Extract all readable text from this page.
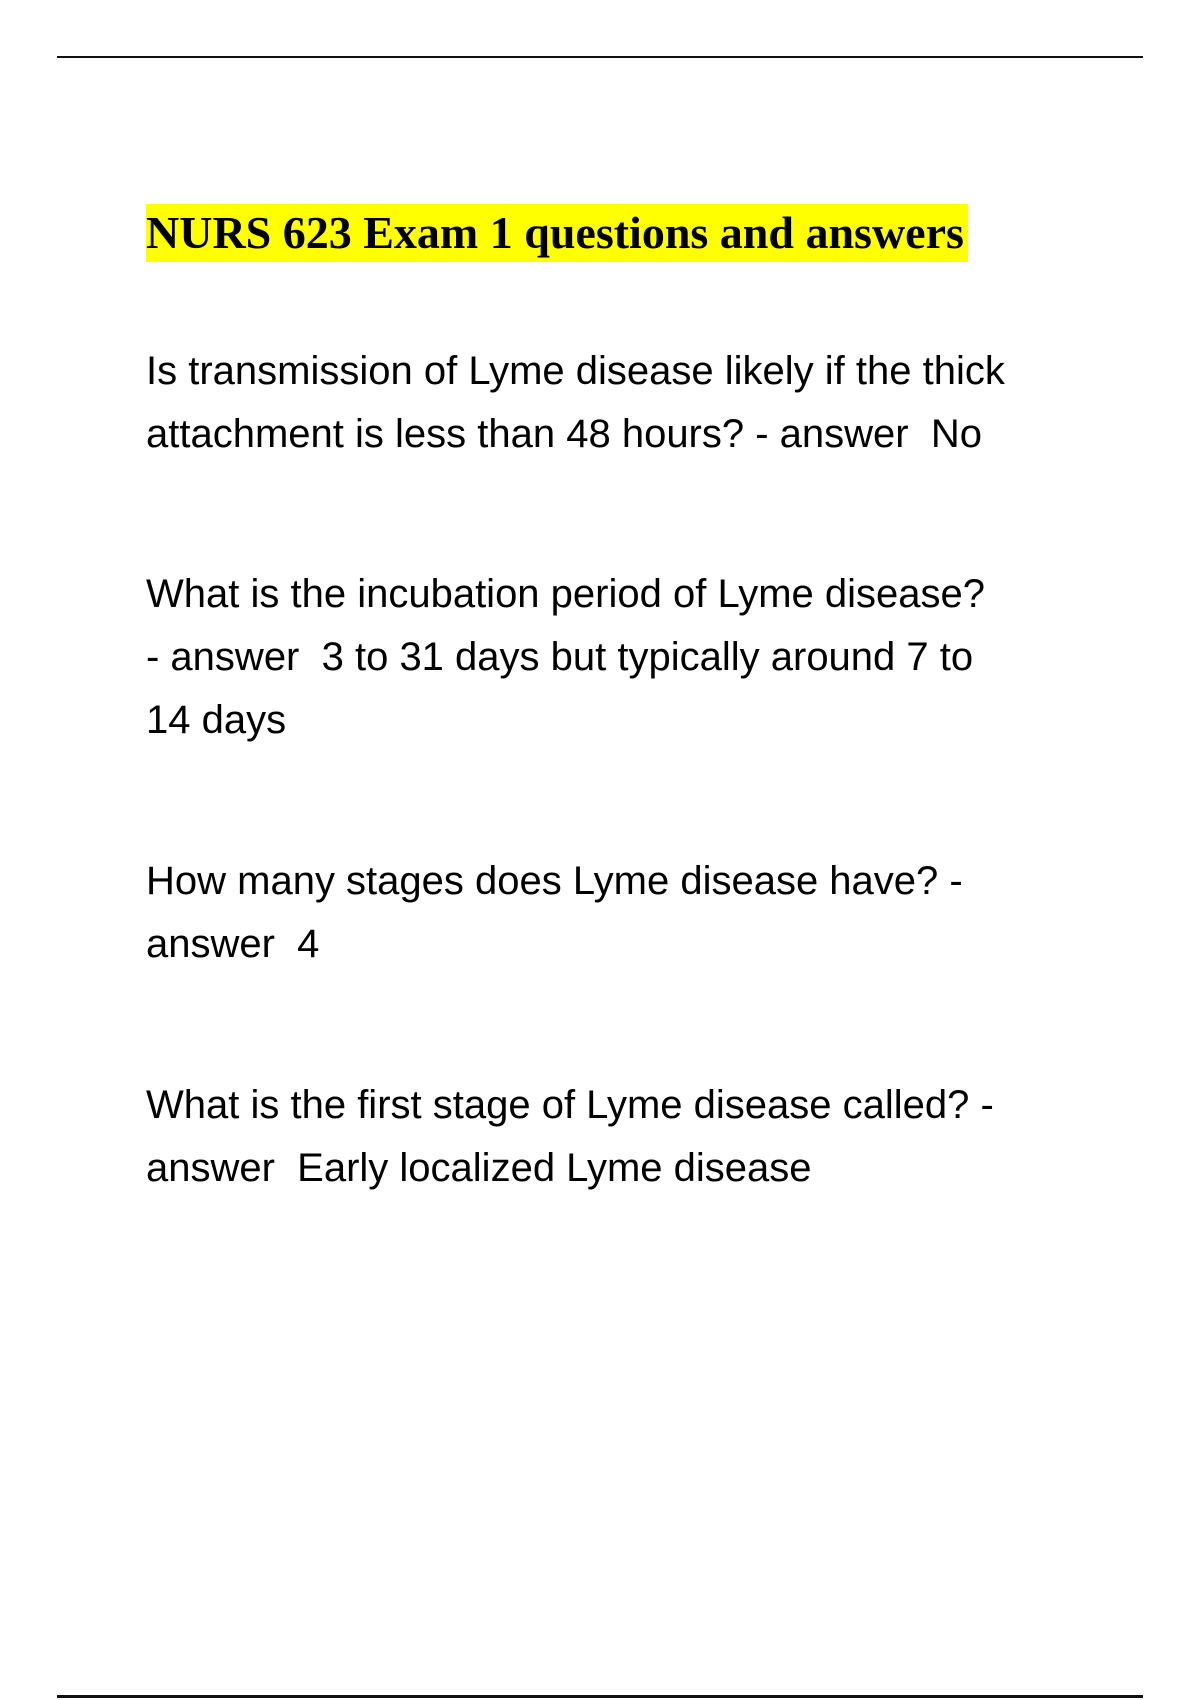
NURS 623 Exam 1 questions and answers
Is transmission of Lyme disease likely if the thick
attachment is less than 48 hours? - answer  No
What is the incubation period of Lyme disease?
- answer  3 to 31 days but typically around 7 to
14 days
How many stages does Lyme disease have? -
answer  4
What is the first stage of Lyme disease called? -
answer  Early localized Lyme disease
